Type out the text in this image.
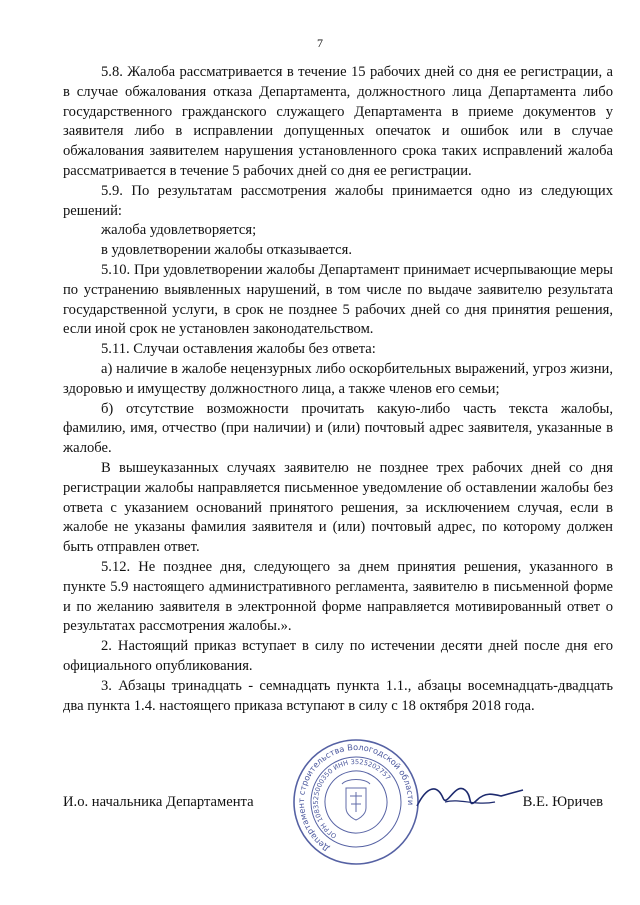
7

5.8. Жалоба рассматривается в течение 15 рабочих дней со дня ее регистрации, а в случае обжалования отказа Департамента, должностного лица Департамента либо государственного гражданского служащего Департамента в приеме документов у заявителя либо в исправлении допущенных опечаток и ошибок или в случае обжалования заявителем нарушения установленного срока таких исправлений жалоба рассматривается в течение 5 рабочих дней со дня ее регистрации.

5.9. По результатам рассмотрения жалобы принимается одно из следующих решений:

жалоба удовлетворяется;

в удовлетворении жалобы отказывается.

5.10. При удовлетворении жалобы Департамент принимает исчерпывающие меры по устранению выявленных нарушений, в том числе по выдаче заявителю результата государственной услуги, в срок не позднее 5 рабочих дней со дня принятия решения, если иной срок не установлен законодательством.

5.11. Случаи оставления жалобы без ответа:

а) наличие в жалобе нецензурных либо оскорбительных выражений, угроз жизни, здоровью и имуществу должностного лица, а также членов его семьи;

б) отсутствие возможности прочитать какую-либо часть текста жалобы, фамилию, имя, отчество (при наличии) и (или) почтовый адрес заявителя, указанные в жалобе.

В вышеуказанных случаях заявителю не позднее трех рабочих дней со дня регистрации жалобы направляется письменное уведомление об оставлении жалобы без ответа с указанием оснований принятого решения, за исключением случая, если в жалобе не указаны фамилия заявителя и (или) почтовый адрес, по которому должен быть отправлен ответ.

5.12. Не позднее дня, следующего за днем принятия решения, указанного в пункте 5.9 настоящего административного регламента, заявителю в письменной форме и по желанию заявителя в электронной форме направляется мотивированный ответ о результатах рассмотрения жалобы.».

2. Настоящий приказ вступает в силу по истечении десяти дней после дня его официального опубликования.

3. Абзацы тринадцать - семнадцать пункта 1.1., абзацы восемнадцать-двадцать два пункта 1.4. настоящего приказа вступают в силу с 18 октября 2018 года.

И.о. начальника Департамента	В.Е. Юричев
Департамент строительства Вологодской области
ОГРН 1083525000350 ИНН 3525202757
